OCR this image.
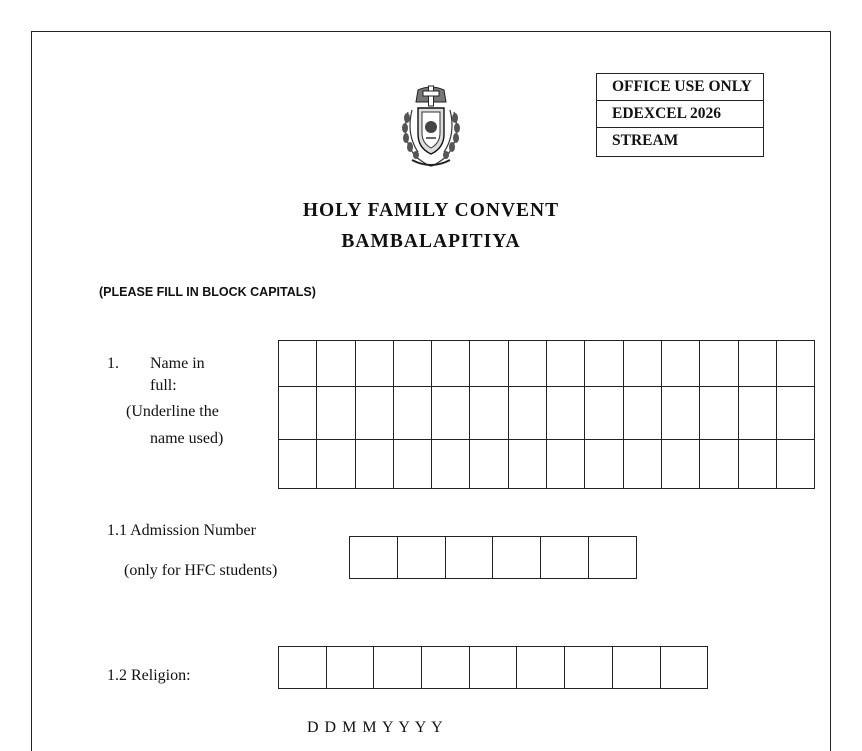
OFFICE USE ONLY
EDEXCEL 2026
STREAM
HOLY FAMILY CONVENT
BAMBALAPITIYA
(PLEASE FILL IN BLOCK CAPITALS)
1. Name in
full:
(Underline the
name used)

1.1 Admission Number
(only for HFC students)

1.2 Religion:

D D M M Y Y Y Y
